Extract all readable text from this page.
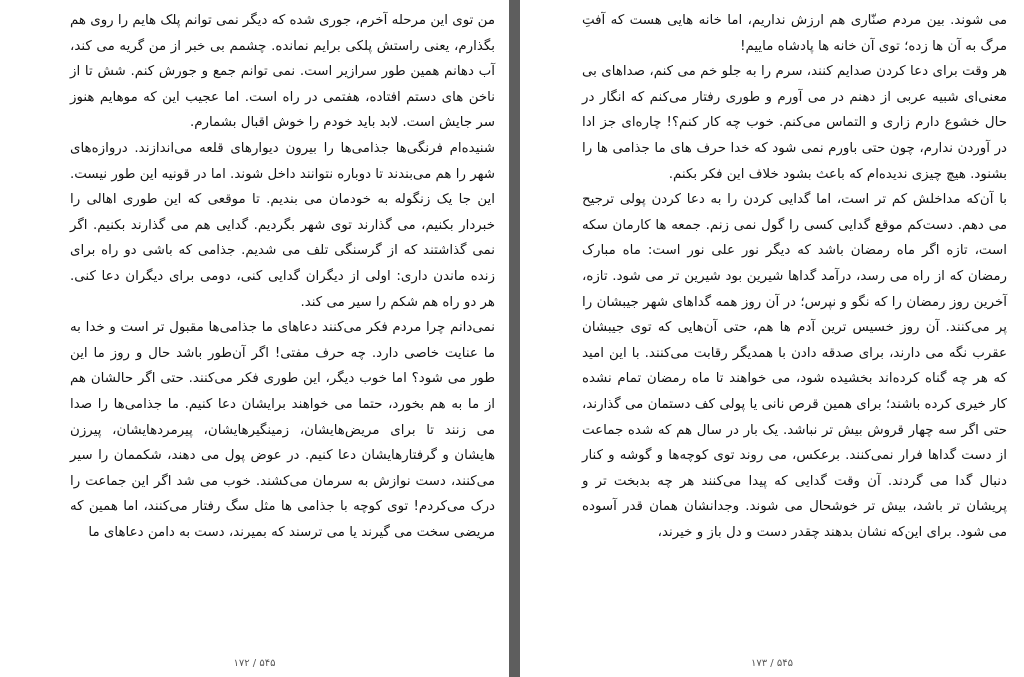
من توی این مرحله آخرم، جوری شده که دیگر نمی توانم پلک هایم را روی هم بگذارم، یعنی راستش پلکی برایم نمانده. چشمم بی خبر از من گریه می کند، آب دهانم همین طور سرازیر است. نمی توانم جمع و جورش کنم. شش تا از ناخن های دستم افتاده، هفتمی در راه است. اما عجیب این که موهایم هنوز سر جایش است. لابد باید خودم را خوش اقبال بشمارم.

شنیده‌ام فرنگی‌ها جذامی‌ها را بیرون دیوارهای قلعه می‌اندازند. دروازه‌های شهر را هم می‌بندند تا دوباره نتوانند داخل شوند. اما در قونیه این طور نیست. این جا یک زنگوله به خودمان می بندیم. تا موقعی که این طوری اهالی را خبردار بکنیم، می گذارند توی شهر بگردیم. گدایی هم می گذارند بکنیم. اگر نمی گذاشتند که از گرسنگی تلف می شدیم. جذامی که باشی دو راه برای زنده ماندن داری: اولی از دیگران گدایی کنی، دومی برای دیگران دعا کنی. هر دو راه هم شکم را سیر می کند.

نمی‌دانم چرا مردم فکر می‌کنند دعاهای ما جذامی‌ها مقبول تر است و خدا به ما عنایت خاصی دارد. چه حرف مفتی! اگر آن‌طور باشد حال و روز ما این طور می شود؟ اما خوب دیگر، این طوری فکر می‌کنند. حتی اگر حالشان هم از ما به هم بخورد، حتما می خواهند برایشان دعا کنیم. ما جذامی‌ها را صدا می زنند تا برای مریض‌هایشان، زمینگیرهایشان، پیرمردهایشان، پیرزن هایشان و گرفتارهایشان دعا کنیم. در عوض پول می دهند، شکممان را سیر می‌کنند، دست نوازش به سرمان می‌کشند. خوب می شد اگر این جماعت را درک می‌کردم! توی کوچه با جذامی ها مثل سگ رفتار می‌کنند، اما همین که مریضی سخت می گیرند یا می ترسند که بمیرند، دست به دامن دعاهای ما

۵۴۵ / ۱۷۲

می شوند. بین مردم صنّاری هم ارزش نداریم، اما خانه هایی هست که آفتِ مرگ به آن ها زده؛ توی آن خانه ها پادشاه ماییم!

هر وقت برای دعا کردن صدایم کنند، سرم را به جلو خم می کنم، صداهای بی معنی‌ای شبیه عربی از دهنم در می آورم و طوری رفتار می‌کنم که انگار در حال خشوع دارم زاری و التماس می‌کنم. خوب چه کار کنم؟! چاره‌ای جز ادا در آوردن ندارم، چون حتی باورم نمی شود که خدا حرف های ما جذامی ها را بشنود. هیچ چیزی ندیده‌ام که باعث بشود خلاف این فکر بکنم.

با آن‌که مداخلش کم تر است، اما گدایی کردن را به دعا کردن پولی ترجیح می دهم. دست‌کم موقع گدایی کسی را گول نمی زنم. جمعه ها کارمان سکه است، تازه اگر ماه رمضان باشد که دیگر نور علی نور است: ماه مبارک رمضان که از راه می رسد، درآمد گداها شیرین بود شیرین تر می شود. تازه، آخرین روز رمضان را که نگو و نپرس؛ در آن روز همه گداهای شهر جیبشان را پر می‌کنند. آن روز خسیس ترین آدم ها هم، حتی آن‌هایی که توی جیبشان عقرب نگه می دارند، برای صدقه دادن با همدیگر رقابت می‌کنند. با این امید که هر چه گناه کرده‌اند بخشیده شود، می خواهند تا ماه رمضان تمام نشده کار خیری کرده باشند؛ برای همین قرص نانی یا پولی کف دستمان می گذارند، حتی اگر سه چهار قروش بیش تر نباشد. یک بار در سال هم که شده جماعت از دست گداها فرار نمی‌کنند. برعکس، می روند توی کوچه‌ها و گوشه و کنار دنبال گدا می گردند. آن وقت گدایی که پیدا می‌کنند هر چه بدبخت تر و پریشان تر باشد، بیش تر خوشحال می شوند. وجدانشان همان قدر آسوده می شود. برای این‌که نشان بدهند چقدر دست و دل باز و خیرند،

۵۴۵ / ۱۷۳
